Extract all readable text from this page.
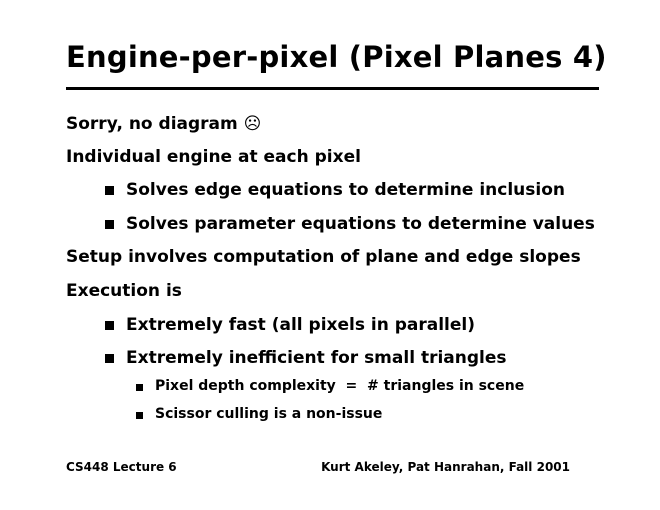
Engine-per-pixel (Pixel Planes 4)
Sorry, no diagram ☹
Individual engine at each pixel
Solves edge equations to determine inclusion
Solves parameter equations to determine values
Setup involves computation of plane and edge slopes
Execution is
Extremely fast (all pixels in parallel)
Extremely inefficient for small triangles
Pixel depth complexity  =  # triangles in scene
Scissor culling is a non-issue
CS448 Lecture 6	Kurt Akeley, Pat Hanrahan, Fall 2001
